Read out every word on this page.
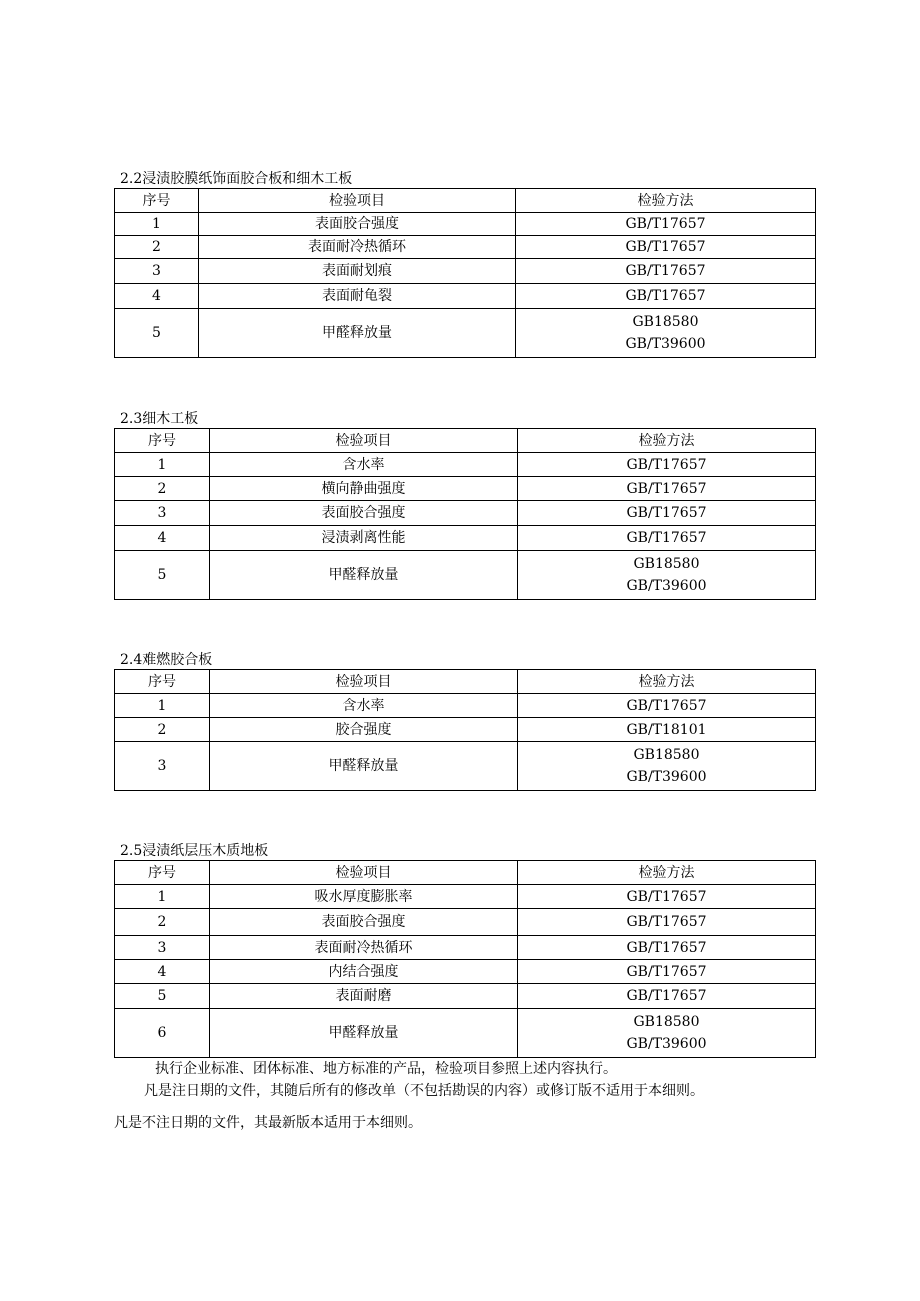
2.2浸渍胶膜纸饰面胶合板和细木工板
序号	检验项目	检验方法
1	表面胶合强度	GB/T17657
2	表面耐冷热循环	GB/T17657
3	表面耐划痕	GB/T17657
4	表面耐龟裂	GB/T17657
5	甲醛释放量	GB18580
GB/T39600
2.3细木工板
序号	检验项目	检验方法
1	含水率	GB/T17657
2	横向静曲强度	GB/T17657
3	表面胶合强度	GB/T17657
4	浸渍剥离性能	GB/T17657
5	甲醛释放量	GB18580
GB/T39600
2.4难燃胶合板
序号	检验项目	检验方法
1	含水率	GB/T17657
2	胶合强度	GB/T18101
3	甲醛释放量	GB18580
GB/T39600
2.5浸渍纸层压木质地板
序号	检验项目	检验方法
1	吸水厚度膨胀率	GB/T17657
2	表面胶合强度	GB/T17657
3	表面耐冷热循环	GB/T17657
4	内结合强度	GB/T17657
5	表面耐磨	GB/T17657
6	甲醛释放量	GB18580
GB/T39600
执行企业标准、团体标准、地方标准的产品，检验项目参照上述内容执行。
凡是注日期的文件，其随后所有的修改单（不包括勘误的内容）或修订版不适用于本细则。
凡是不注日期的文件，其最新版本适用于本细则。
